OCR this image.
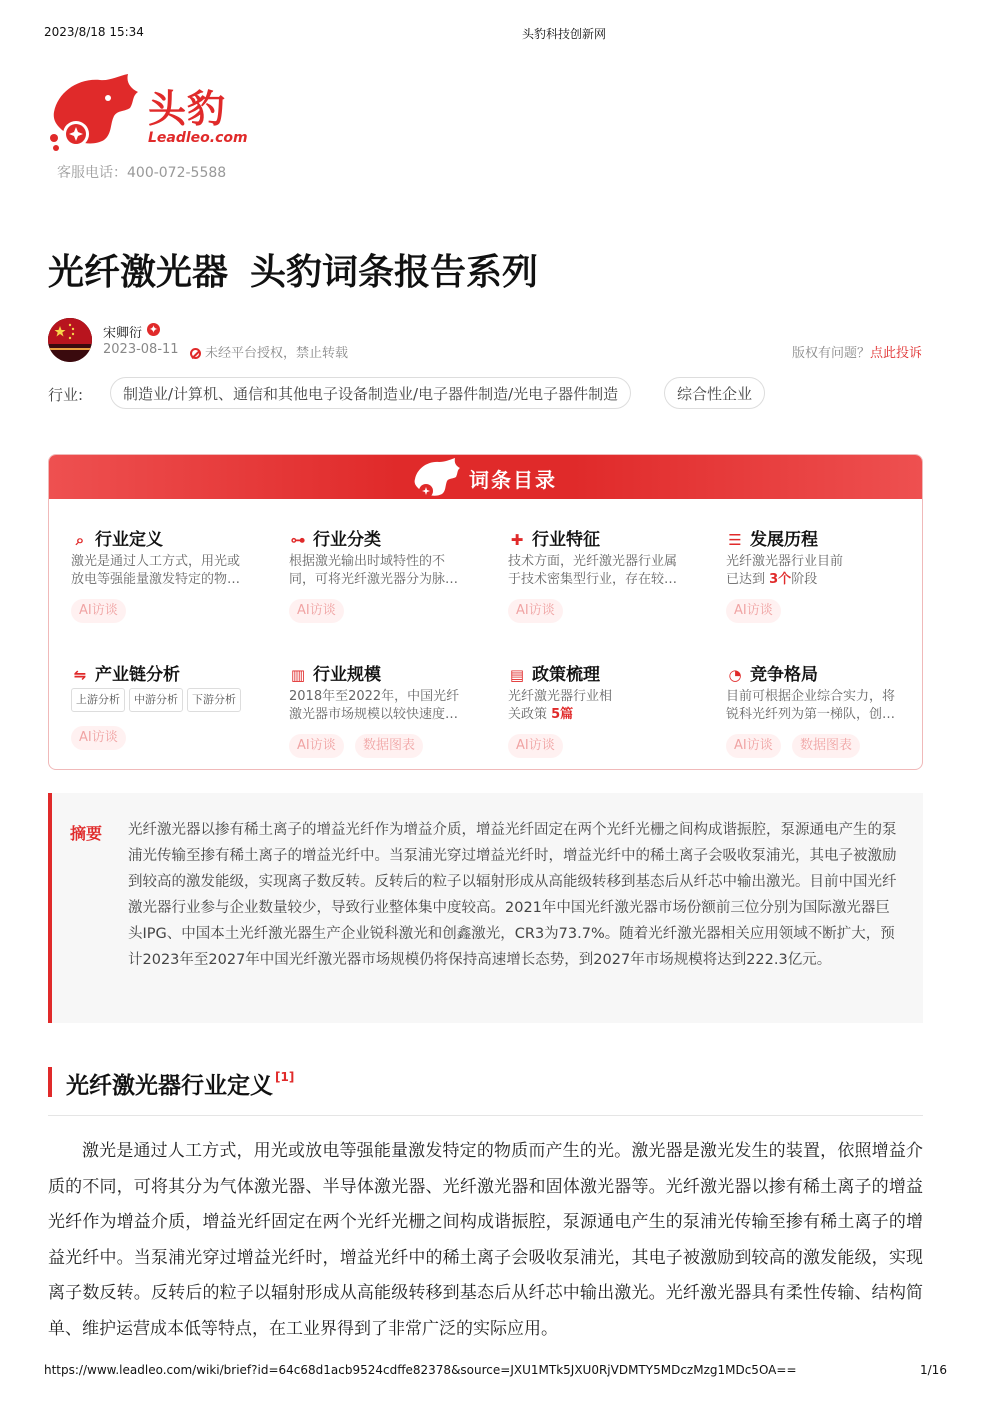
2023/8/18 15:34	头豹科技创新网
头豹
Leadleo.com
客服电话：400-072-5588
光纤激光器 头豹词条报告系列
宋卿衍 ✦
2023-08-11	未经平台授权，禁止转载	版权有问题？点此投诉
行业:	制造业/计算机、通信和其他电子设备制造业/电子器件制造/光电子器件制造	综合性企业
词条目录
⌕ 行业定义
激光是通过人工方式，用光或放电等强能量激发特定的物…
AI访谈
⊶ 行业分类
根据激光输出时域特性的不同，可将光纤激光器分为脉…
AI访谈
✚ 行业特征
技术方面，光纤激光器行业属于技术密集型行业，存在较…
AI访谈
☰ 发展历程
光纤激光器行业目前已达到 3个阶段
AI访谈
⇋ 产业链分析
上游分析	中游分析	下游分析
AI访谈
▥ 行业规模
2018年至2022年，中国光纤激光器市场规模以较快速度…
AI访谈	数据图表
▤ 政策梳理
光纤激光器行业相关政策 5篇
AI访谈
◔ 竞争格局
目前可根据企业综合实力，将锐科光纤列为第一梯队，创…
AI访谈	数据图表
摘要 光纤激光器以掺有稀土离子的增益光纤作为增益介质，增益光纤固定在两个光纤光栅之间构成谐振腔，泵源通电产生的泵浦光传输至掺有稀土离子的增益光纤中。当泵浦光穿过增益光纤时，增益光纤中的稀土离子会吸收泵浦光，其电子被激励到较高的激发能级，实现离子数反转。反转后的粒子以辐射形成从高能级转移到基态后从纤芯中输出激光。目前中国光纤激光器行业参与企业数量较少，导致行业整体集中度较高。2021年中国光纤激光器市场份额前三位分别为国际激光器巨头IPG、中国本土光纤激光器生产企业锐科激光和创鑫激光，CR3为73.7%。随着光纤激光器相关应用领域不断扩大，预计2023年至2027年中国光纤激光器市场规模仍将保持高速增长态势，到2027年市场规模将达到222.3亿元。
光纤激光器行业定义 [1]
激光是通过人工方式，用光或放电等强能量激发特定的物质而产生的光。激光器是激光发生的装置，依照增益介质的不同，可将其分为气体激光器、半导体激光器、光纤激光器和固体激光器等。光纤激光器以掺有稀土离子的增益光纤作为增益介质，增益光纤固定在两个光纤光栅之间构成谐振腔，泵源通电产生的泵浦光传输至掺有稀土离子的增益光纤中。当泵浦光穿过增益光纤时，增益光纤中的稀土离子会吸收泵浦光，其电子被激励到较高的激发能级，实现离子数反转。反转后的粒子以辐射形成从高能级转移到基态后从纤芯中输出激光。光纤激光器具有柔性传输、结构简单、维护运营成本低等特点，在工业界得到了非常广泛的实际应用。
https://www.leadleo.com/wiki/brief?id=64c68d1acb9524cdffe82378&source=JXU1MTk5JXU0RjVDMTY5MDczMzg1MDc5OA==	1/16
